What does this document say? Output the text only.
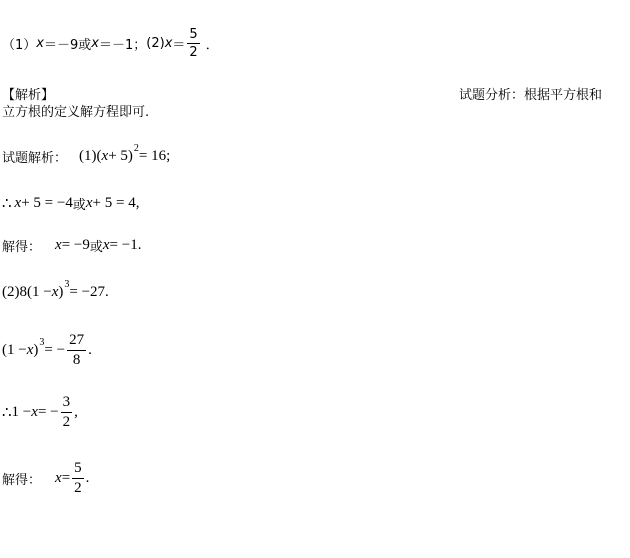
（1） x ＝－9或 x ＝－1 ； (2) $x = \frac{5}{2}$ ．
【解析】	试题分析：根据平方根和
立方根的定义解方程即可.
试题解析： (1)( x + 5) 2 = 16;
∴ x + 5 = −4 或 x + 5 = 4,
解得： x = −9 或 x = −1.
(2)8(1 − x ) 3 = −27.
(1 − x ) 3 = − $\frac{27}{8}$ .
∴ 1 − x = − $\frac{3}{2}$ ,
解得： $x = \frac{5}{2}$ .
